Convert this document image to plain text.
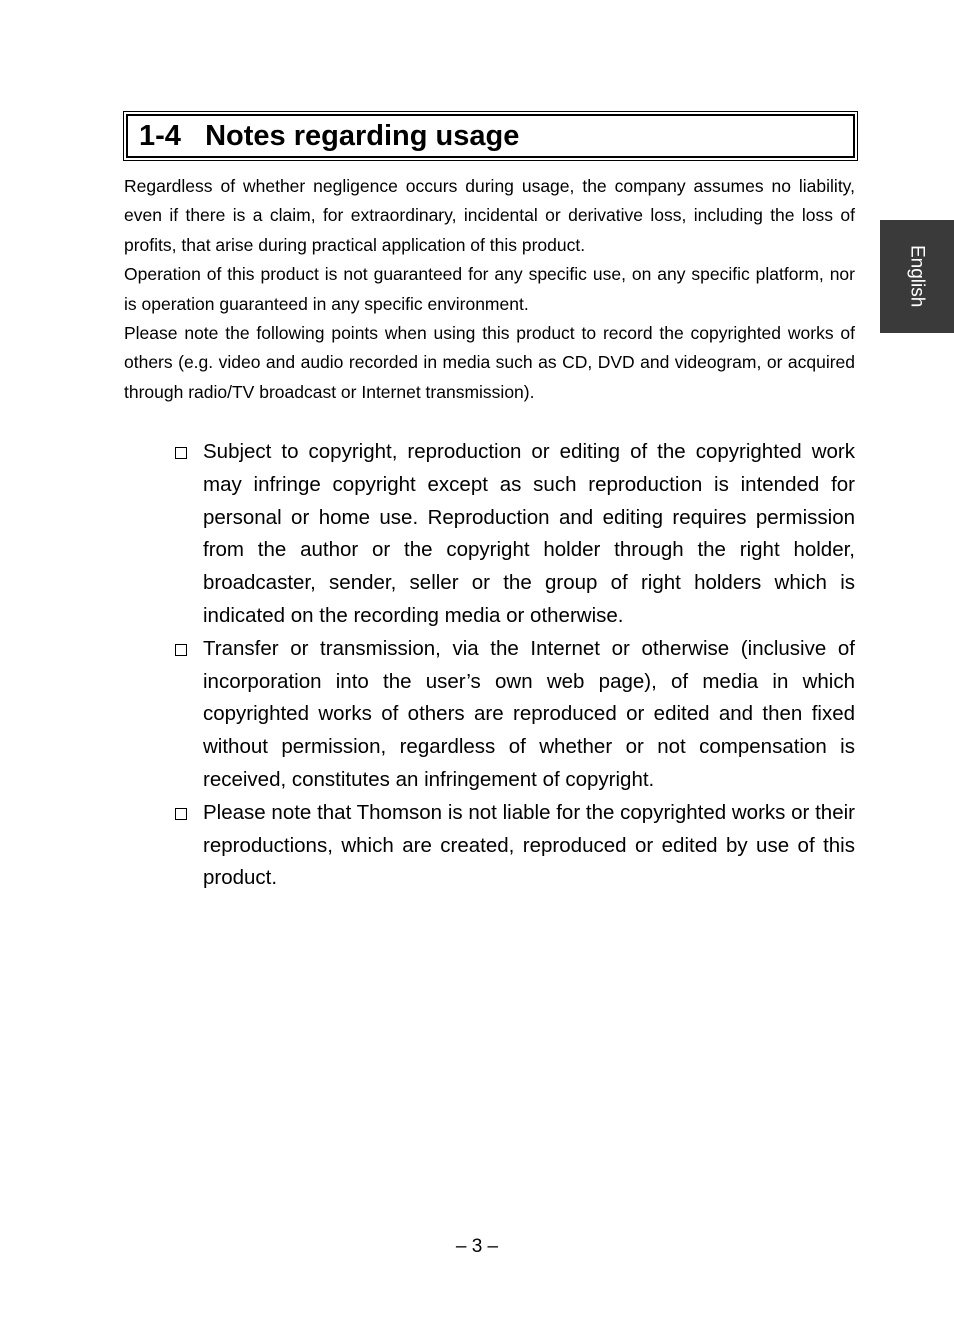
1-4   Notes regarding usage
English

Regardless of whether negligence occurs during usage, the company assumes no liability, even if there is a claim, for extraordinary, incidental or derivative loss, including the loss of profits, that arise during practical application of this product.

Operation of this product is not guaranteed for any specific use, on any specific platform, nor is operation guaranteed in any specific environment.

Please note the following points when using this product to record the copyrighted works of others (e.g. video and audio recorded in media such as CD, DVD and videogram, or acquired through radio/TV broadcast or Internet transmission).

Subject to copyright, reproduction or editing of the copyrighted work may infringe copyright except as such reproduction is intended for personal or home use. Reproduction and editing requires permission from the author or the copyright holder through the right holder, broadcaster, sender, seller or the group of right holders which is indicated on the recording media or otherwise.
Transfer or transmission, via the Internet or otherwise (inclusive of incorporation into the user’s own web page), of media in which copyrighted works of others are reproduced or edited and then fixed without permission, regardless of whether or not compensation is received, constitutes an infringement of copyright.
Please note that Thomson is not liable for the copyrighted works or their reproductions, which are created, reproduced or edited by use of this product.
– 3 –
